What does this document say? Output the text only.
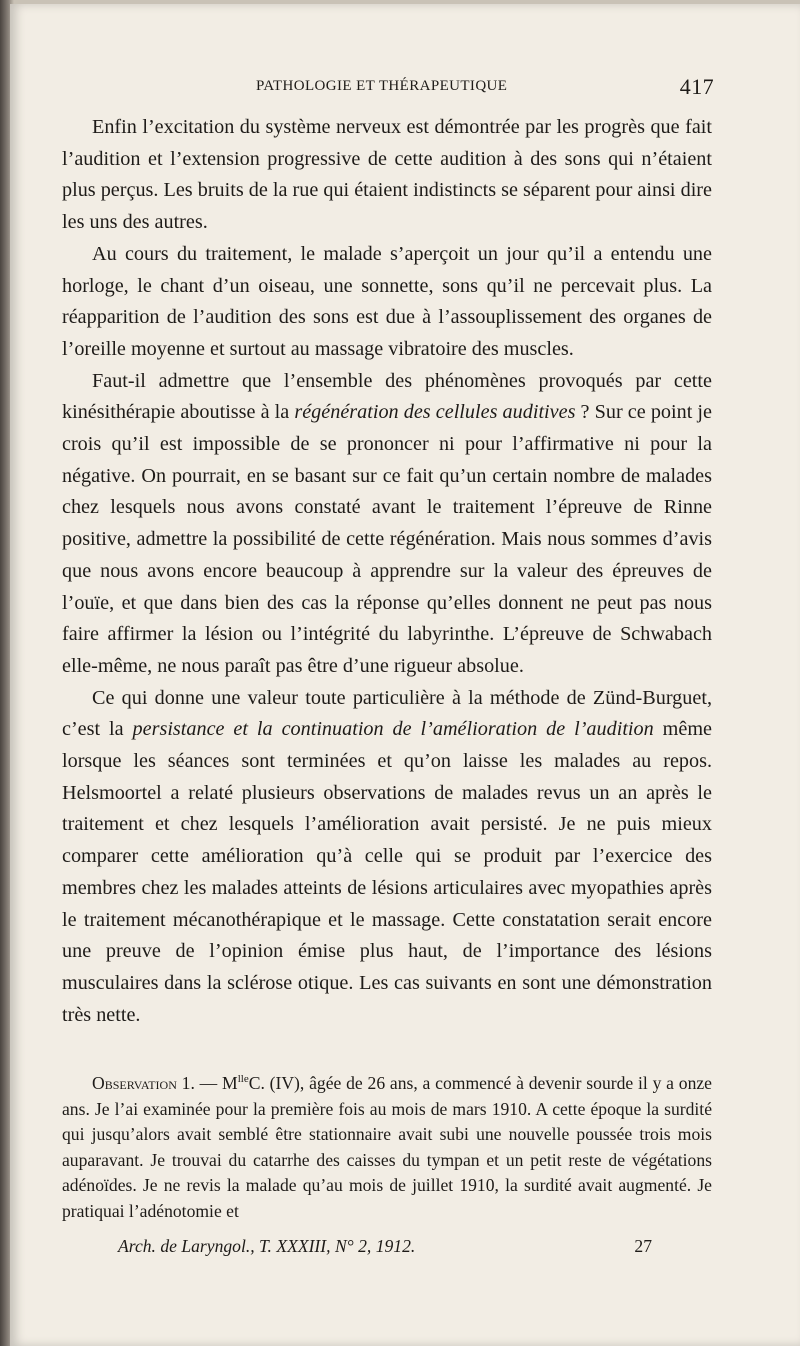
PATHOLOGIE ET THÉRAPEUTIQUE	417

Enfin l’excitation du système nerveux est démontrée par les progrès que fait l’audition et l’extension progressive de cette audition à des sons qui n’étaient plus perçus. Les bruits de la rue qui étaient indistincts se séparent pour ainsi dire les uns des autres.

Au cours du traitement, le malade s’aperçoit un jour qu’il a entendu une horloge, le chant d’un oiseau, une sonnette, sons qu’il ne percevait plus. La réapparition de l’audition des sons est due à l’assouplissement des organes de l’oreille moyenne et surtout au massage vibratoire des muscles.

Faut-il admettre que l’ensemble des phénomènes provoqués par cette kinésithérapie aboutisse à la régénération des cellules auditives ? Sur ce point je crois qu’il est impossible de se prononcer ni pour l’affirmative ni pour la négative. On pourrait, en se basant sur ce fait qu’un certain nombre de malades chez lesquels nous avons constaté avant le traitement l’épreuve de Rinne positive, admettre la possibilité de cette régénération. Mais nous sommes d’avis que nous avons encore beaucoup à apprendre sur la valeur des épreuves de l’ouïe, et que dans bien des cas la réponse qu’elles donnent ne peut pas nous faire affirmer la lésion ou l’intégrité du labyrinthe. L’épreuve de Schwabach elle-même, ne nous paraît pas être d’une rigueur absolue.

Ce qui donne une valeur toute particulière à la méthode de Zünd-Burguet, c’est la persistance et la continuation de l’amélioration de l’audition même lorsque les séances sont terminées et qu’on laisse les malades au repos. Helsmoortel a relaté plusieurs observations de malades revus un an après le traitement et chez lesquels l’amélioration avait persisté. Je ne puis mieux comparer cette amélioration qu’à celle qui se produit par l’exercice des membres chez les malades atteints de lésions articulaires avec myopathies après le traitement mécanothérapique et le massage. Cette constatation serait encore une preuve de l’opinion émise plus haut, de l’importance des lésions musculaires dans la sclérose otique. Les cas suivants en sont une démonstration très nette.

Observation 1. — $M^{lle}C$. (IV), âgée de 26 ans, a commencé à devenir sourde il y a onze ans. Je l’ai examinée pour la première fois au mois de mars 1910. A cette époque la surdité qui jusqu’alors avait semblé être stationnaire avait subi une nouvelle poussée trois mois auparavant. Je trouvai du catarrhe des caisses du tympan et un petit reste de végétations adénoïdes. Je ne revis la malade qu’au mois de juillet 1910, la surdité avait augmenté. Je pratiquai l’adénotomie et

Arch. de Laryngol., T. XXXIII, N° 2, 1912.	27
